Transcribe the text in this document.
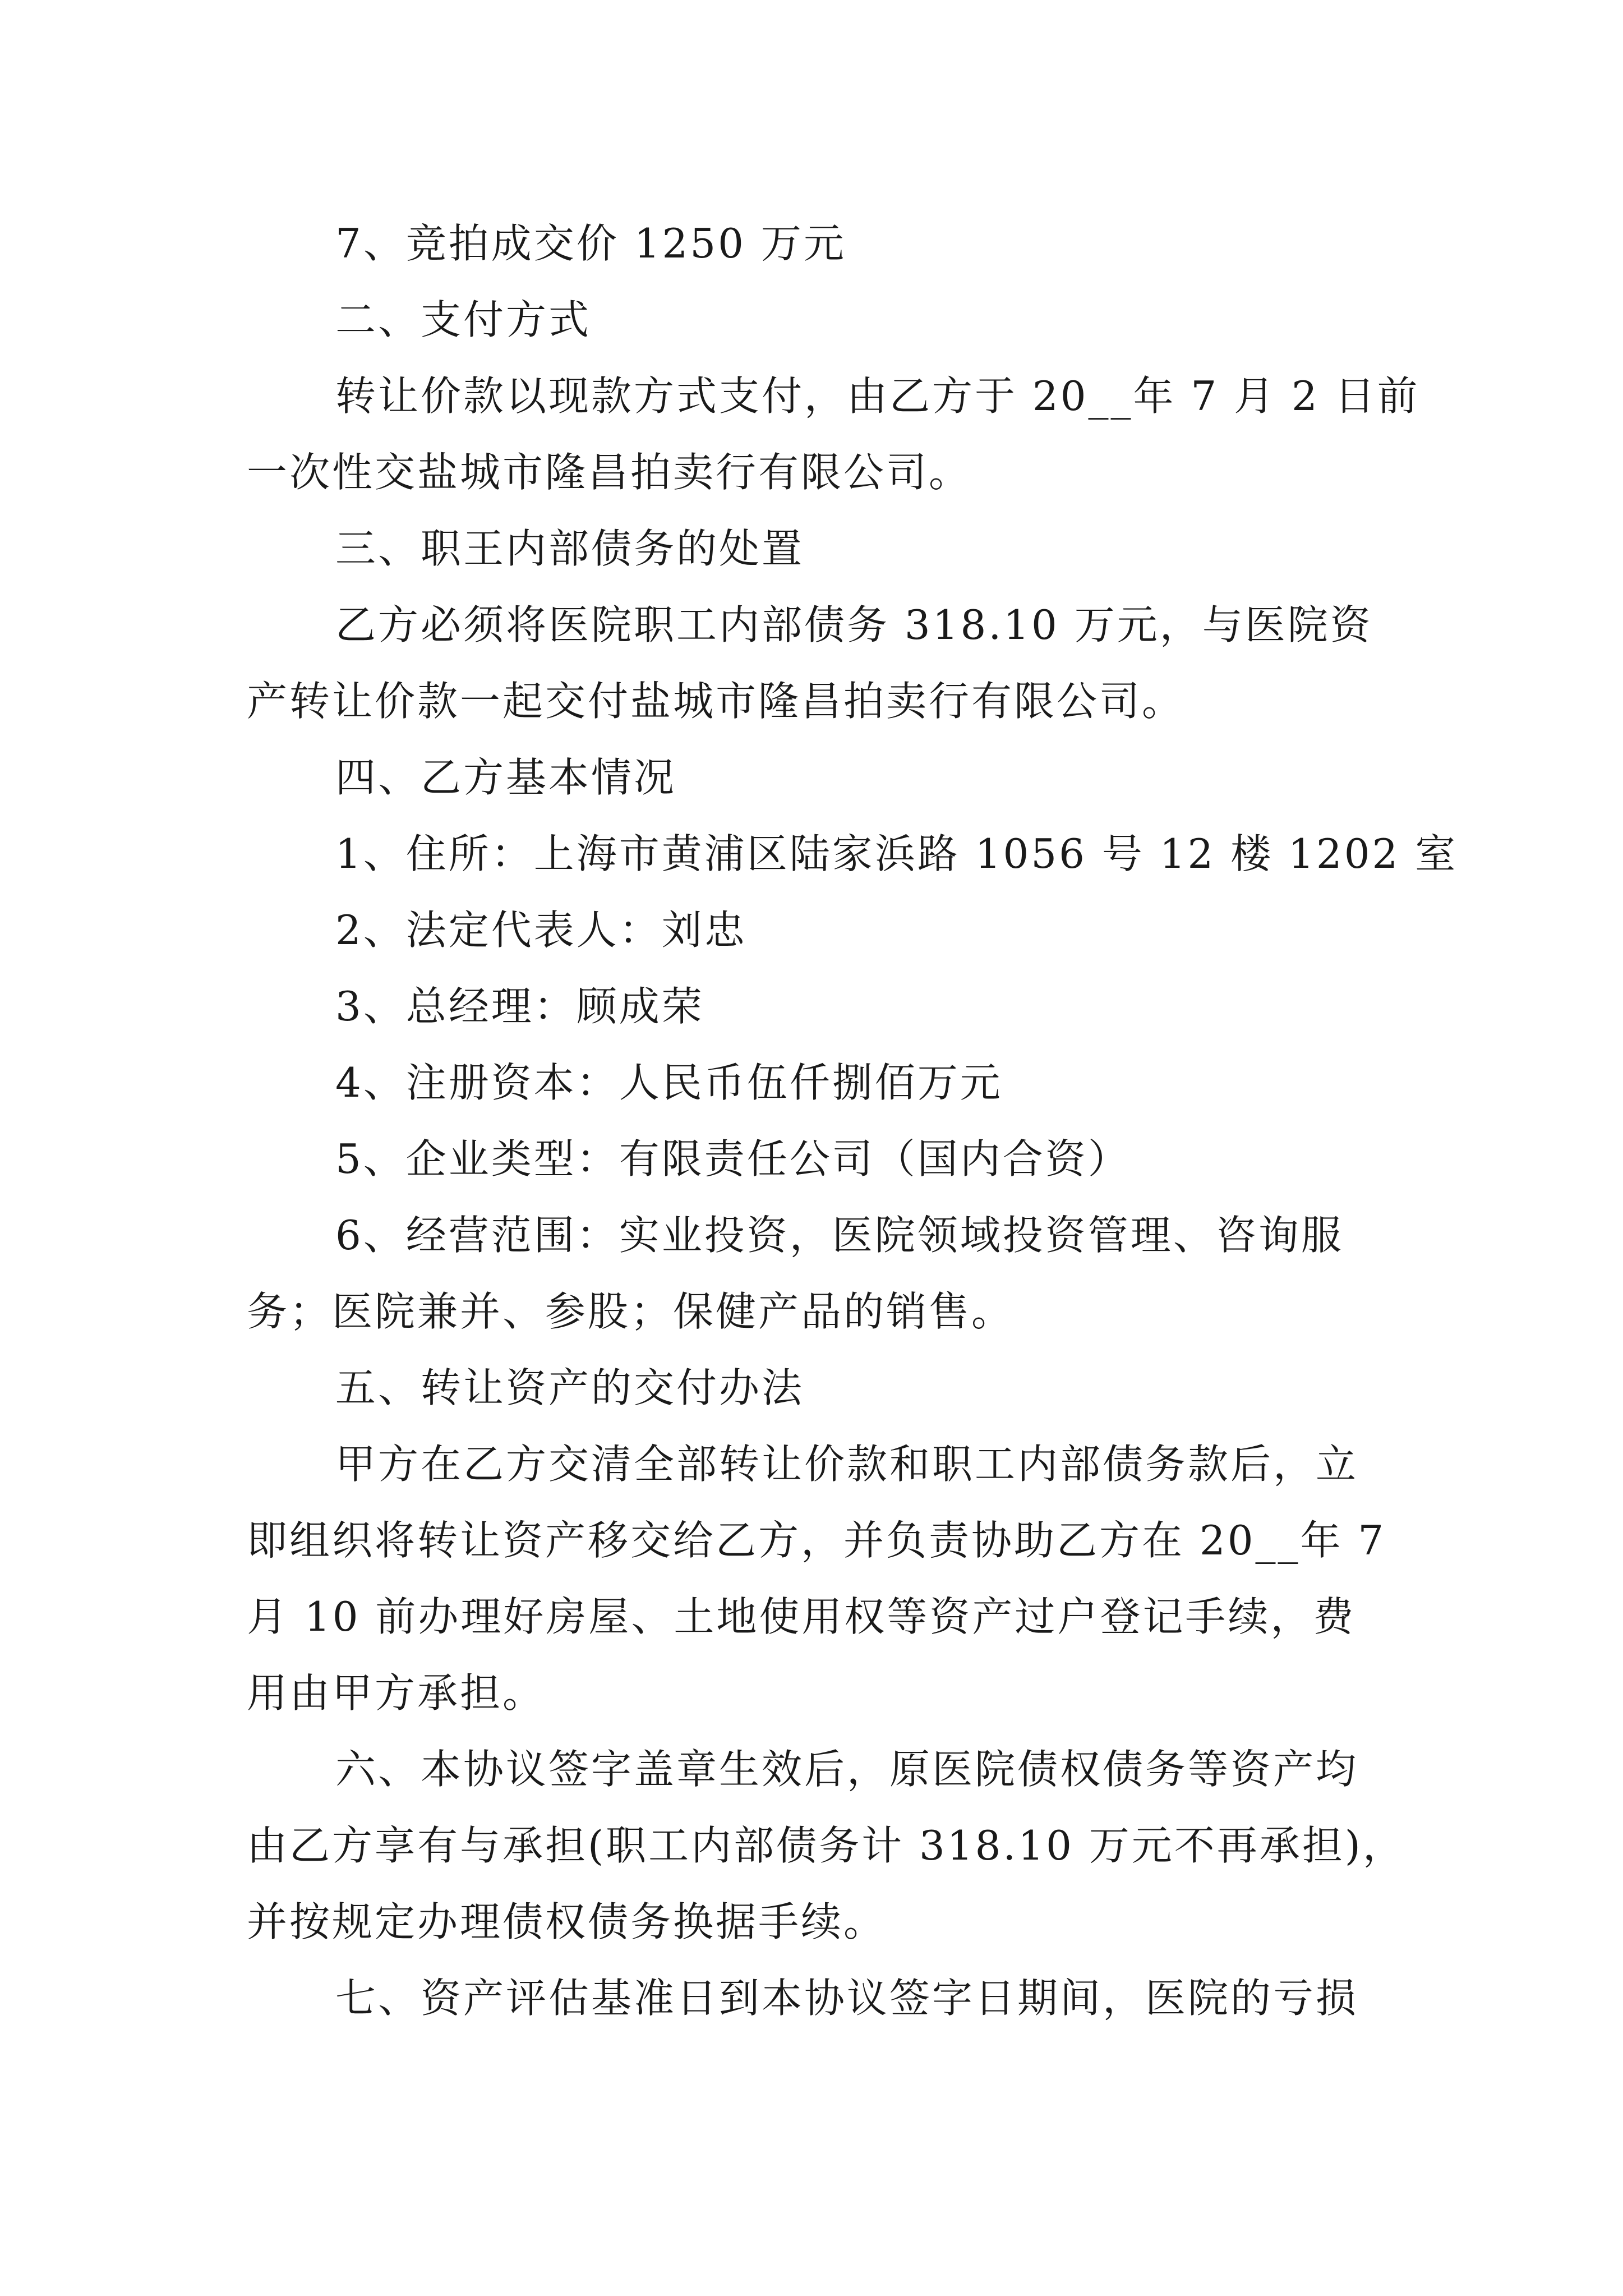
7、竞拍成交价 1250 万元
二、支付方式
转让价款以现款方式支付，由乙方于 20__年 7 月 2 日前
一次性交盐城市隆昌拍卖行有限公司。
三、职王内部债务的处置
乙方必须将医院职工内部债务 318.10 万元，与医院资
产转让价款一起交付盐城市隆昌拍卖行有限公司。
四、乙方基本情况
1、住所：上海市黄浦区陆家浜路 1056 号 12 楼 1202 室
2、法定代表人：刘忠
3、总经理：顾成荣
4、注册资本：人民币伍仟捌佰万元
5、企业类型：有限责任公司（国内合资）
6、经营范围：实业投资，医院领域投资管理、咨询服
务；医院兼并、参股；保健产品的销售。
五、转让资产的交付办法
甲方在乙方交清全部转让价款和职工内部债务款后，立
即组织将转让资产移交给乙方，并负责协助乙方在 20__年 7
月 10 前办理好房屋、土地使用权等资产过户登记手续，费
用由甲方承担。
六、本协议签字盖章生效后，原医院债权债务等资产均
由乙方享有与承担(职工内部债务计 318.10 万元不再承担)，
并按规定办理债权债务换据手续。
七、资产评估基准日到本协议签字日期间，医院的亏损
